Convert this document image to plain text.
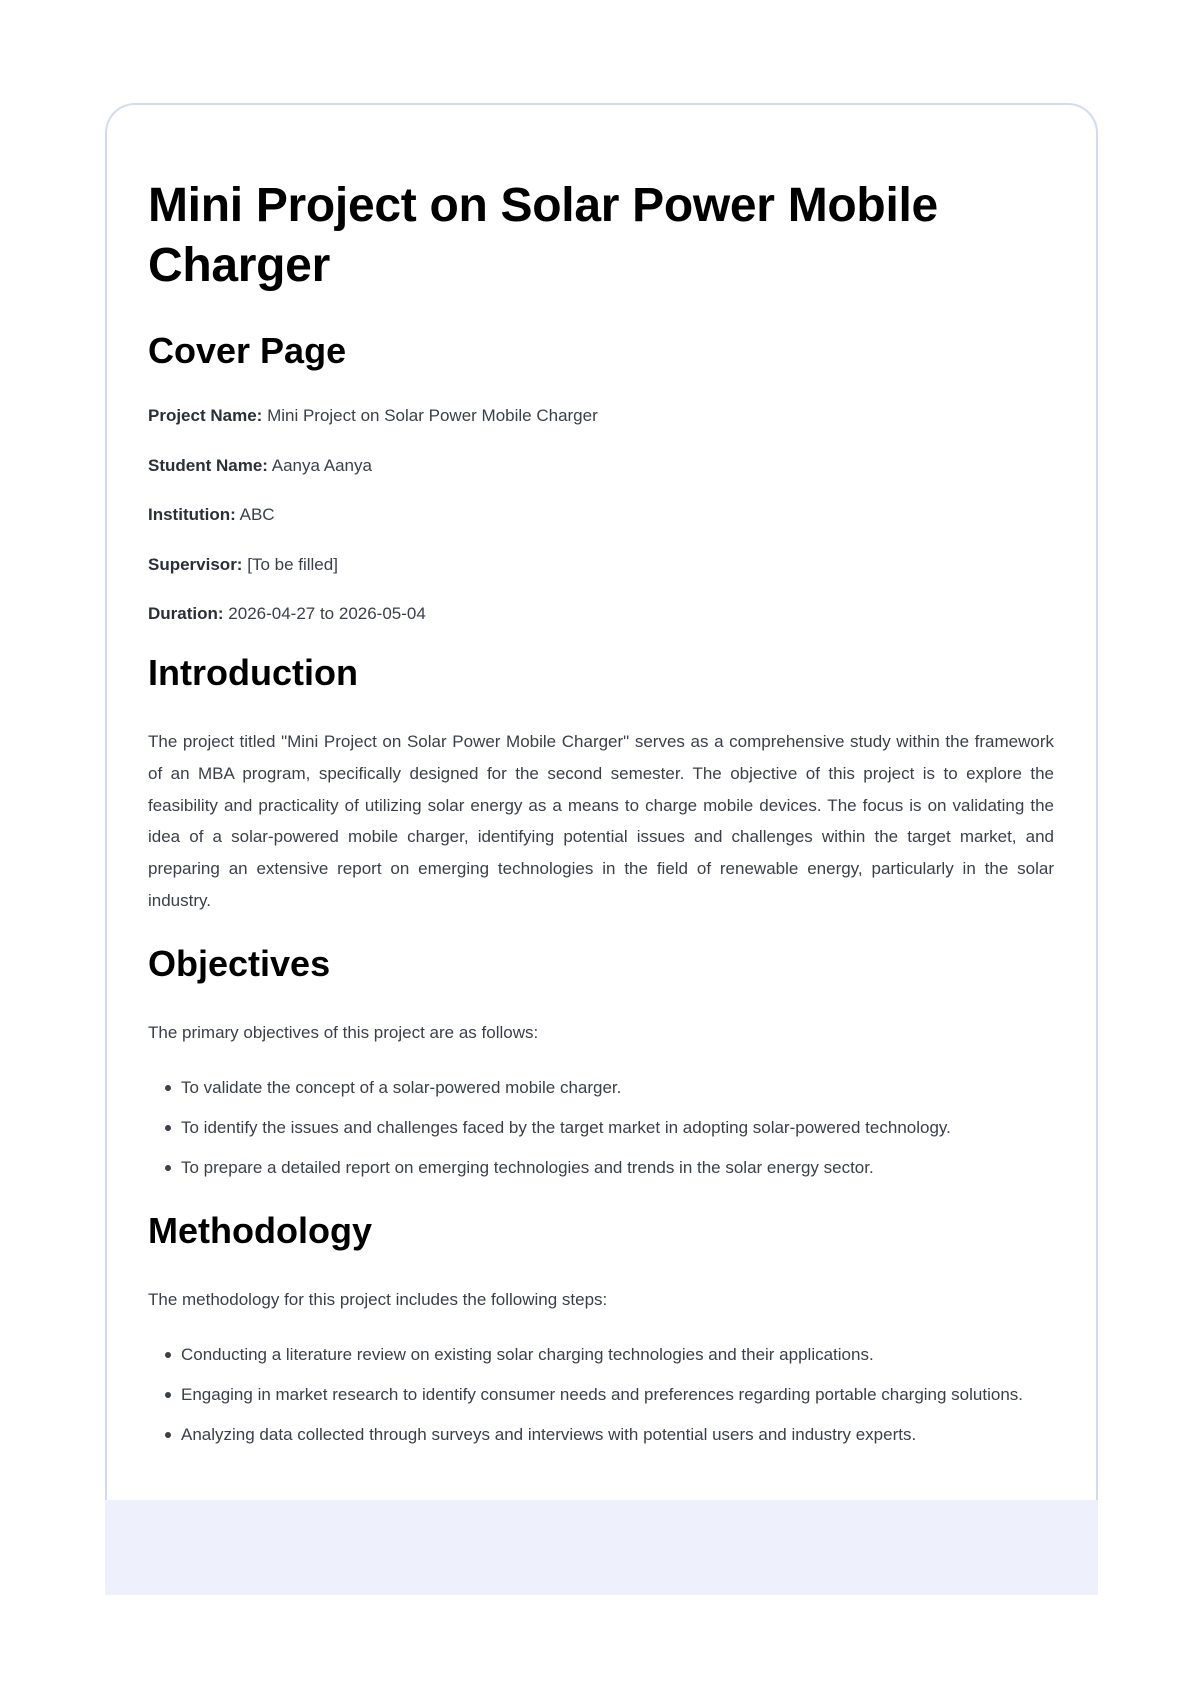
Mini Project on Solar Power Mobile Charger
Cover Page

Project Name: Mini Project on Solar Power Mobile Charger

Student Name: Aanya Aanya

Institution: ABC

Supervisor: [To be filled]

Duration: 2026-04-27 to 2026-05-04

Introduction

The project titled "Mini Project on Solar Power Mobile Charger" serves as a comprehensive study within the framework of an MBA program, specifically designed for the second semester. The objective of this project is to explore the feasibility and practicality of utilizing solar energy as a means to charge mobile devices. The focus is on validating the idea of a solar-powered mobile charger, identifying potential issues and challenges within the target market, and preparing an extensive report on emerging technologies in the field of renewable energy, particularly in the solar industry.

Objectives

The primary objectives of this project are as follows:

To validate the concept of a solar-powered mobile charger.
To identify the issues and challenges faced by the target market in adopting solar-powered technology.
To prepare a detailed report on emerging technologies and trends in the solar energy sector.
Methodology

The methodology for this project includes the following steps:

Conducting a literature review on existing solar charging technologies and their applications.
Engaging in market research to identify consumer needs and preferences regarding portable charging solutions.
Analyzing data collected through surveys and interviews with potential users and industry experts.
